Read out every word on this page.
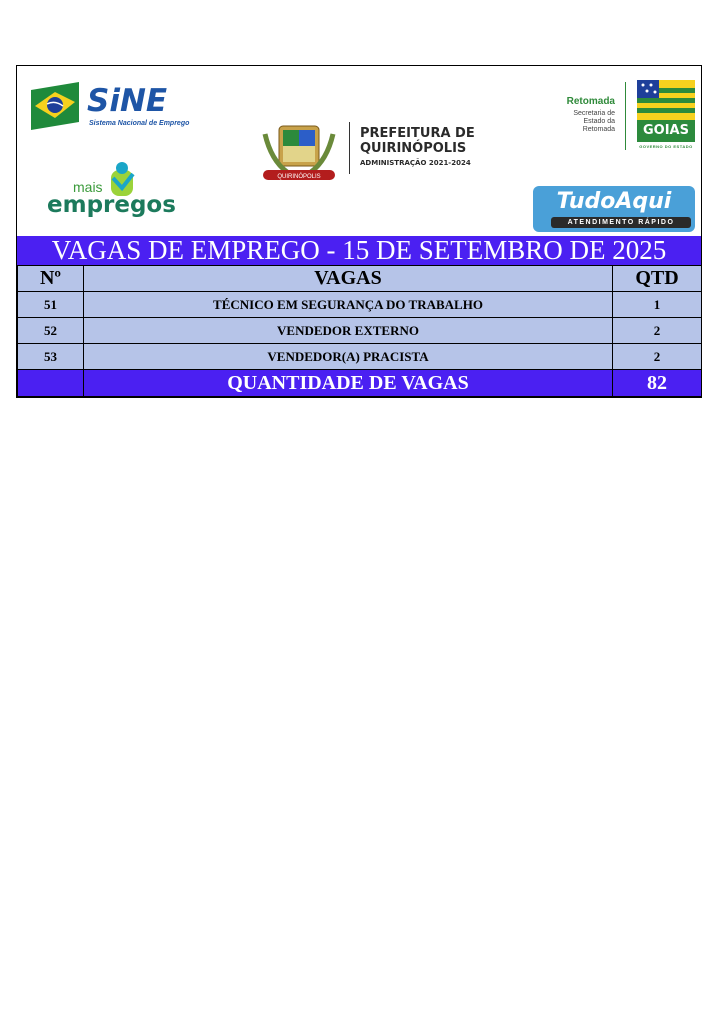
SiNE
Sistema Nacional de Emprego
mais
empregos
QUIRINÓPOLIS
PREFEITURA DE
QUIRINÓPOLIS
ADMINISTRAÇÃO 2021-2024
Retomada
Secretaria de
Estado da
Retomada	GOIAS
GOVERNO DO ESTADO
TudoAqui
ATENDIMENTO RÁPIDO
VAGAS DE EMPREGO - 15 DE SETEMBRO DE 2025
Nº	VAGAS	QTD
51	TÉCNICO EM SEGURANÇA DO TRABALHO	1
52	VENDEDOR EXTERNO	2
53	VENDEDOR(A) PRACISTA	2
	QUANTIDADE DE VAGAS	82
